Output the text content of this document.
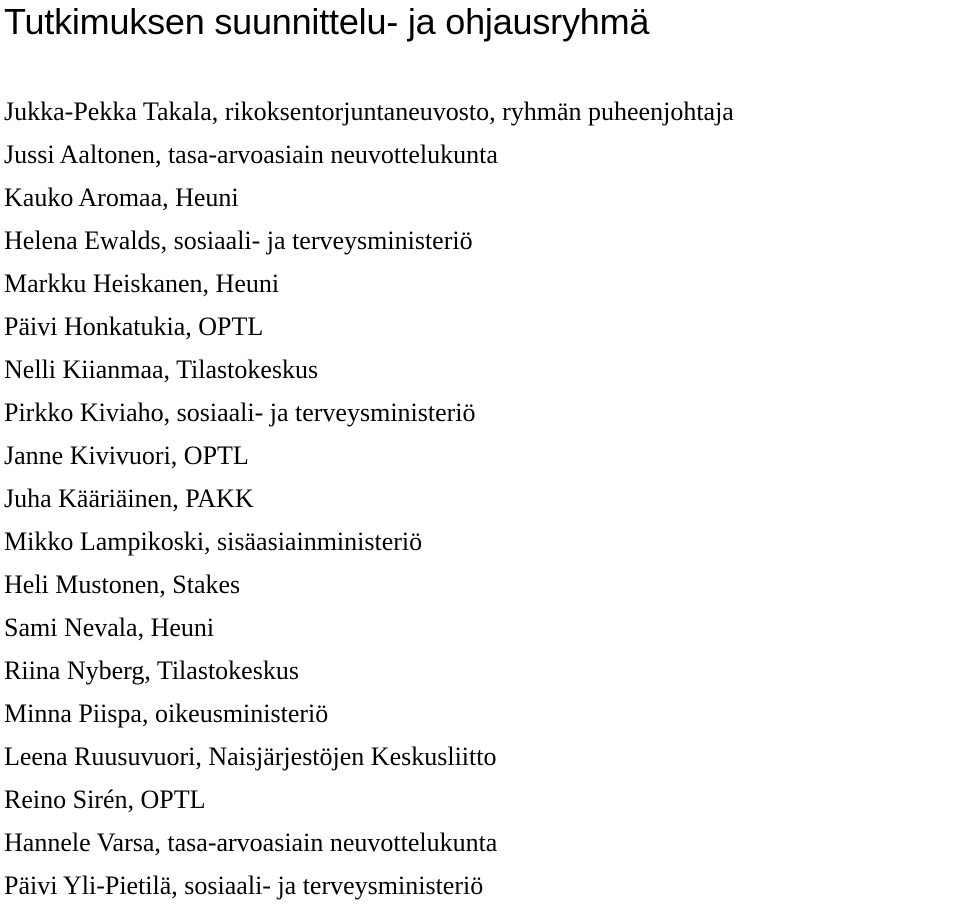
Tutkimuksen suunnittelu- ja ohjausryhmä
Jukka-Pekka Takala, rikoksentorjuntaneuvosto, ryhmän puheenjohtaja
Jussi Aaltonen, tasa-arvoasiain neuvottelukunta
Kauko Aromaa, Heuni
Helena Ewalds, sosiaali- ja terveysministeriö
Markku Heiskanen, Heuni
Päivi Honkatukia, OPTL
Nelli Kiianmaa, Tilastokeskus
Pirkko Kiviaho, sosiaali- ja terveysministeriö
Janne Kivivuori, OPTL
Juha Kääriäinen, PAKK
Mikko Lampikoski, sisäasiainministeriö
Heli Mustonen, Stakes
Sami Nevala, Heuni
Riina Nyberg, Tilastokeskus
Minna Piispa, oikeusministeriö
Leena Ruusuvuori, Naisjärjestöjen Keskusliitto
Reino Sirén, OPTL
Hannele Varsa, tasa-arvoasiain neuvottelukunta
Päivi Yli-Pietilä, sosiaali- ja terveysministeriö
